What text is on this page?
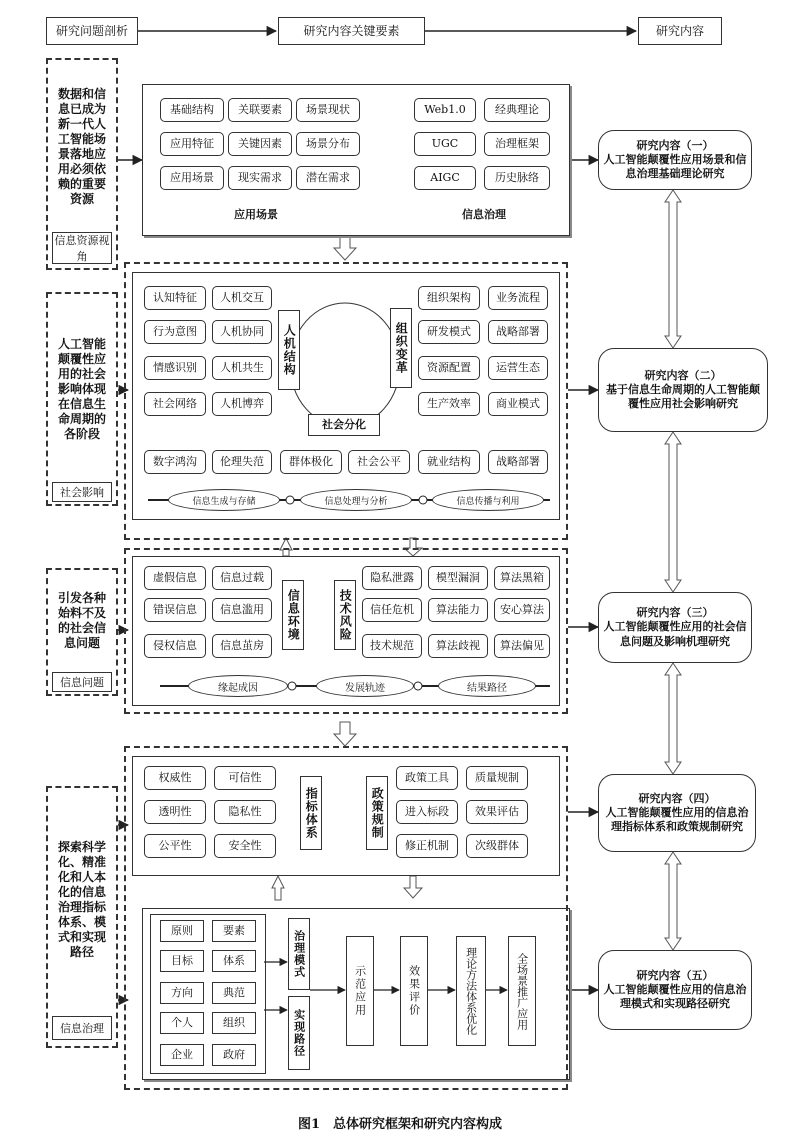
研究问题剖析	研究内容关键要素	研究内容
数据和信息已成为新一代人工智能场景落地应用必须依赖的重要资源
信息资源视角
人工智能颠覆性应用的社会影响体现在信息生命周期的各阶段
社会影响
引发各种始料不及的社会信息问题
信息问题
探索科学化、精准化和人本化的信息治理指标体系、模式和实现路径
信息治理
基础结构	关联要素	场景现状
应用特征	关键因素	场景分布
应用场景	现实需求	潜在需求
应用场景
Web1.0
UGC
AIGC
经典理论
治理框架
历史脉络
信息治理
认知特征
行为意图
情感识别
社会网络
人机交互
人机协同
人机共生
人机博弈
人机结构	组织变革
组织架构
研发模式
资源配置
生产效率
业务流程
战略部署
运营生态
商业模式
社会分化
数字鸿沟	伦理失范	群体极化	社会公平	就业结构	战略部署
信息生成与存储	信息处理与分析	信息传播与利用
虚假信息
错误信息
侵权信息
信息过载
信息滥用
信息茧房
信息环境	技术风险
隐私泄露
信任危机
技术规范
模型漏洞
算法能力
算法歧视
算法黑箱
安心算法
算法偏见
缘起成因	发展轨迹	结果路径
权威性
透明性
公平性
可信性
隐私性
安全性
指标体系	政策规制
政策工具
进入标段
修正机制
质量规制
效果评估
次级群体
原则
目标
方向
个人
企业
要素
体系
典范
组织
政府
治理模式
实现路径
示范应用	效果评价	理论方法体系优化	全场景推广应用
研究内容（一）
人工智能颠覆性应用场景和信息治理基础理论研究
研究内容（二）
基于信息生命周期的人工智能颠覆性应用社会影响研究
研究内容（三）
人工智能颠覆性应用的社会信息问题及影响机理研究
研究内容（四）
人工智能颠覆性应用的信息治理指标体系和政策规制研究
研究内容（五）
人工智能颠覆性应用的信息治理模式和实现路径研究
图1　总体研究框架和研究内容构成
